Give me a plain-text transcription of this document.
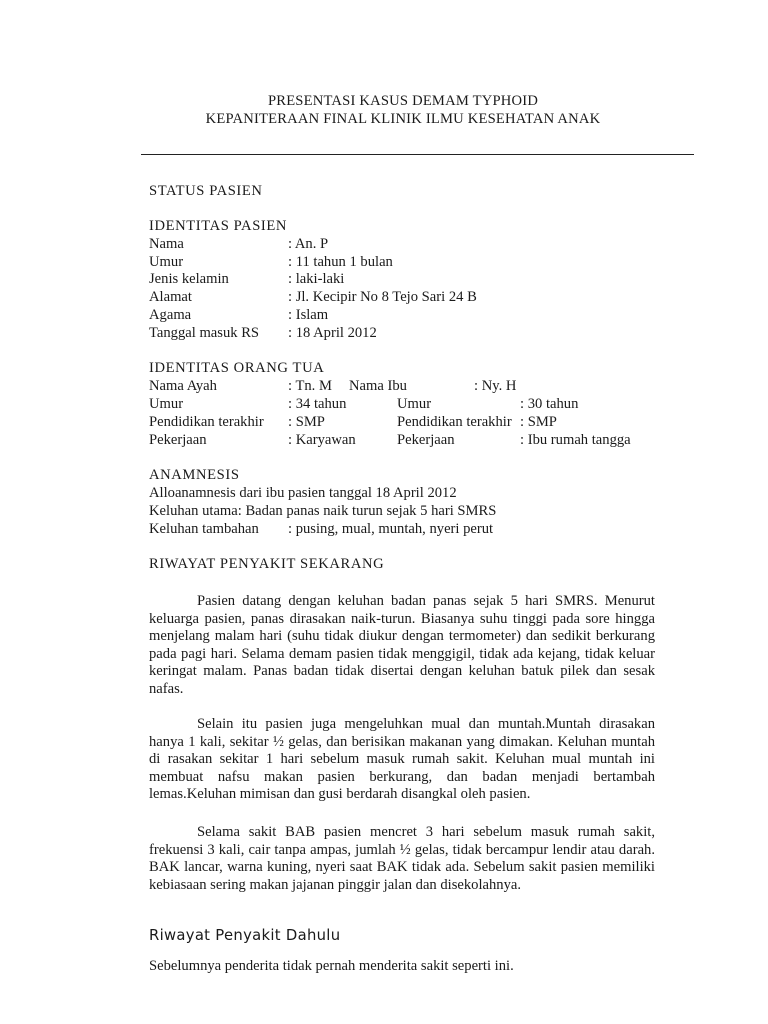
PRESENTASI KASUS DEMAM TYPHOID
KEPANITERAAN FINAL KLINIK ILMU KESEHATAN ANAK
STATUS PASIEN
IDENTITAS PASIEN
Nama	: An. P
Umur	: 11 tahun 1 bulan
Jenis kelamin	: laki-laki
Alamat	: Jl. Kecipir No 8 Tejo Sari 24 B
Agama	: Islam
Tanggal masuk RS : 18 April 2012
IDENTITAS ORANG TUA
Nama Ayah	: Tn. M Nama Ibu	: Ny. H
Umur	: 34 tahun	Umur	: 30 tahun
Pendidikan terakhir : SMP	Pendidikan terakhir : SMP
Pekerjaan	: Karyawan	Pekerjaan	: Ibu rumah tangga
ANAMNESIS
Alloanamnesis dari ibu pasien tanggal 18 April 2012
Keluhan utama: Badan panas naik turun sejak 5 hari SMRS
Keluhan tambahan : pusing, mual, muntah, nyeri perut
RIWAYAT PENYAKIT SEKARANG

Pasien datang dengan keluhan badan panas sejak 5 hari SMRS. Menurut keluarga pasien, panas dirasakan naik-turun. Biasanya suhu tinggi pada sore hingga menjelang malam hari (suhu tidak diukur dengan termometer) dan sedikit berkurang pada pagi hari. Selama demam pasien tidak menggigil, tidak ada kejang, tidak keluar keringat malam. Panas badan tidak disertai dengan keluhan batuk pilek dan sesak nafas.

Selain itu pasien juga mengeluhkan mual dan muntah.Muntah dirasakan hanya 1 kali, sekitar ½ gelas, dan berisikan makanan yang dimakan. Keluhan muntah di rasakan sekitar 1 hari sebelum masuk rumah sakit. Keluhan mual muntah ini membuat nafsu makan pasien berkurang, dan badan menjadi bertambah lemas.Keluhan mimisan dan gusi berdarah disangkal oleh pasien.

Selama sakit BAB pasien mencret 3 hari sebelum masuk rumah sakit, frekuensi 3 kali, cair tanpa ampas, jumlah ½ gelas, tidak bercampur lendir atau darah. BAK lancar, warna kuning, nyeri saat BAK tidak ada. Sebelum sakit pasien memiliki kebiasaan sering makan jajanan pinggir jalan dan disekolahnya.

Riwayat Penyakit Dahulu
Sebelumnya penderita tidak pernah menderita sakit seperti ini.
